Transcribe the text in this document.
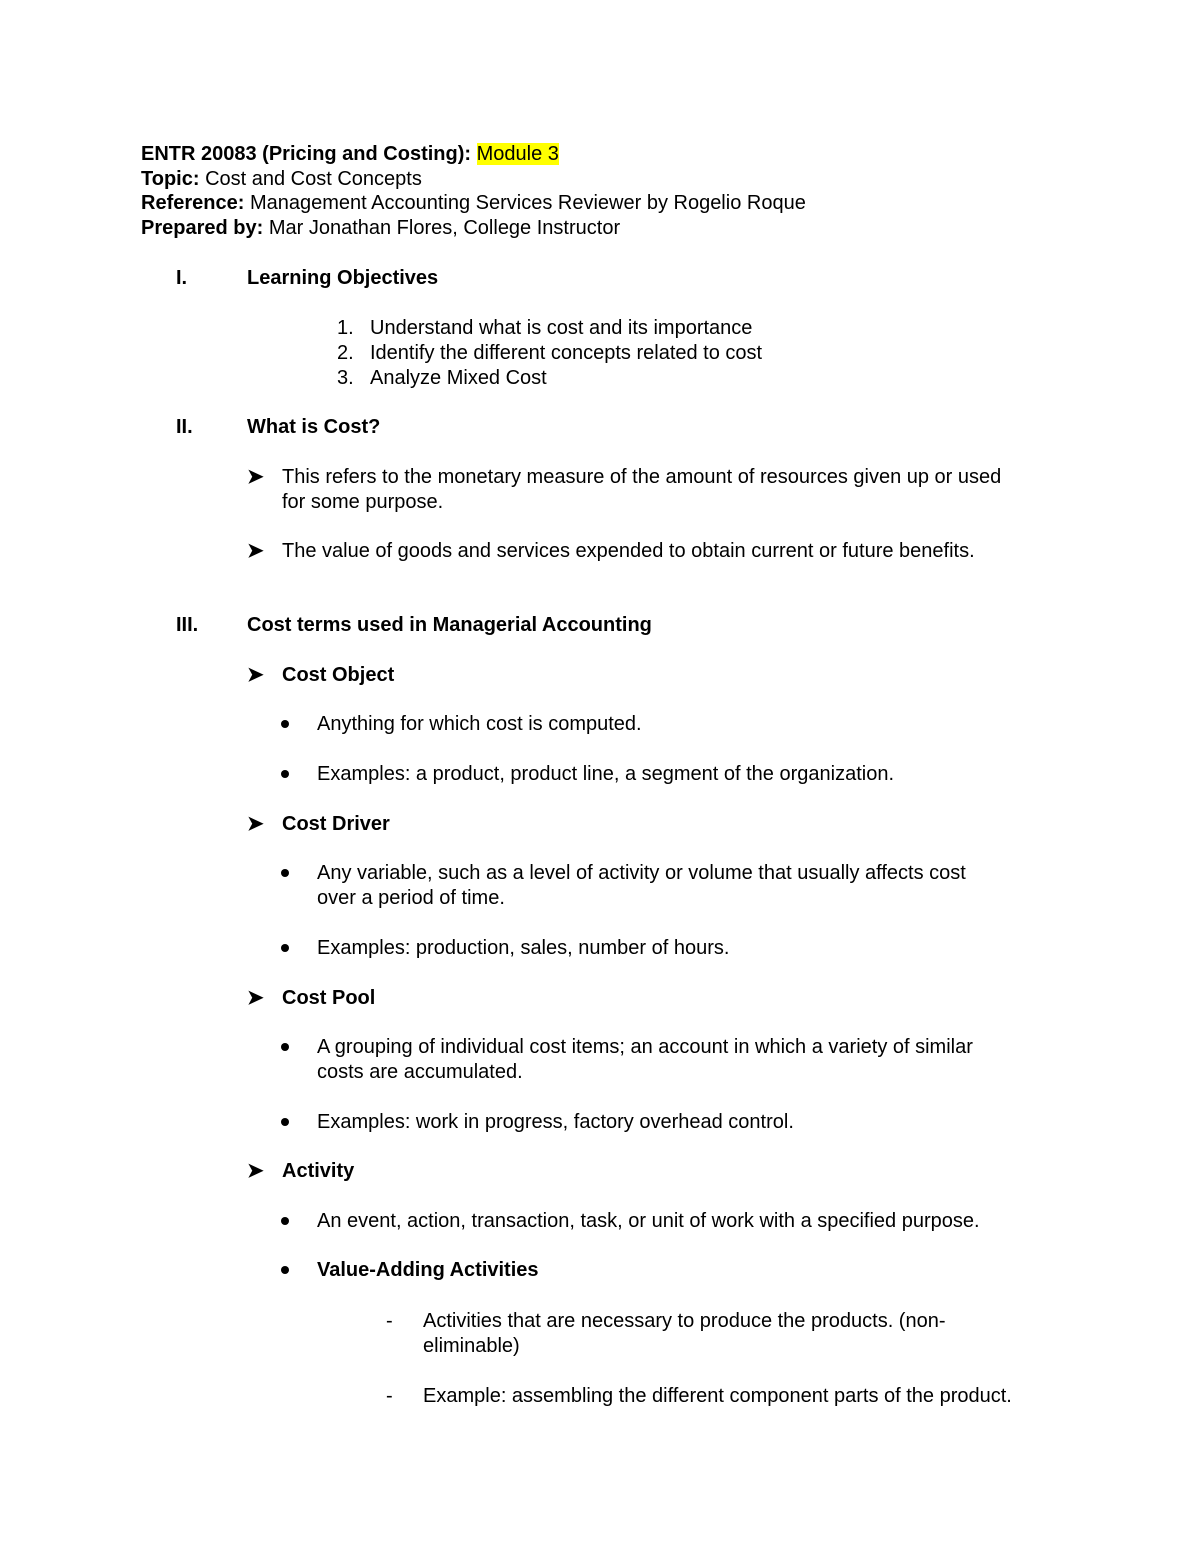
ENTR 20083 (Pricing and Costing): Module 3
Topic: Cost and Cost Concepts
Reference: Management Accounting Services Reviewer by Rogelio Roque
Prepared by: Mar Jonathan Flores, College Instructor
I.	Learning Objectives
1. Understand what is cost and its importance
2. Identify the different concepts related to cost
3. Analyze Mixed Cost
II.	What is Cost?
➤ This refers to the monetary measure of the amount of resources given up or used
for some purpose.
➤ The value of goods and services expended to obtain current or future benefits.
III. Cost terms used in Managerial Accounting
➤ Cost Object
Anything for which cost is computed.
Examples: a product, product line, a segment of the organization.
➤ Cost Driver
Any variable, such as a level of activity or volume that usually affects cost
over a period of time.
Examples: production, sales, number of hours.
➤ Cost Pool
A grouping of individual cost items; an account in which a variety of similar
costs are accumulated.
Examples: work in progress, factory overhead control.
➤ Activity
An event, action, transaction, task, or unit of work with a specified purpose.
Value-Adding Activities
- Activities that are necessary to produce the products. (non-
eliminable)
- Example: assembling the different component parts of the product.
